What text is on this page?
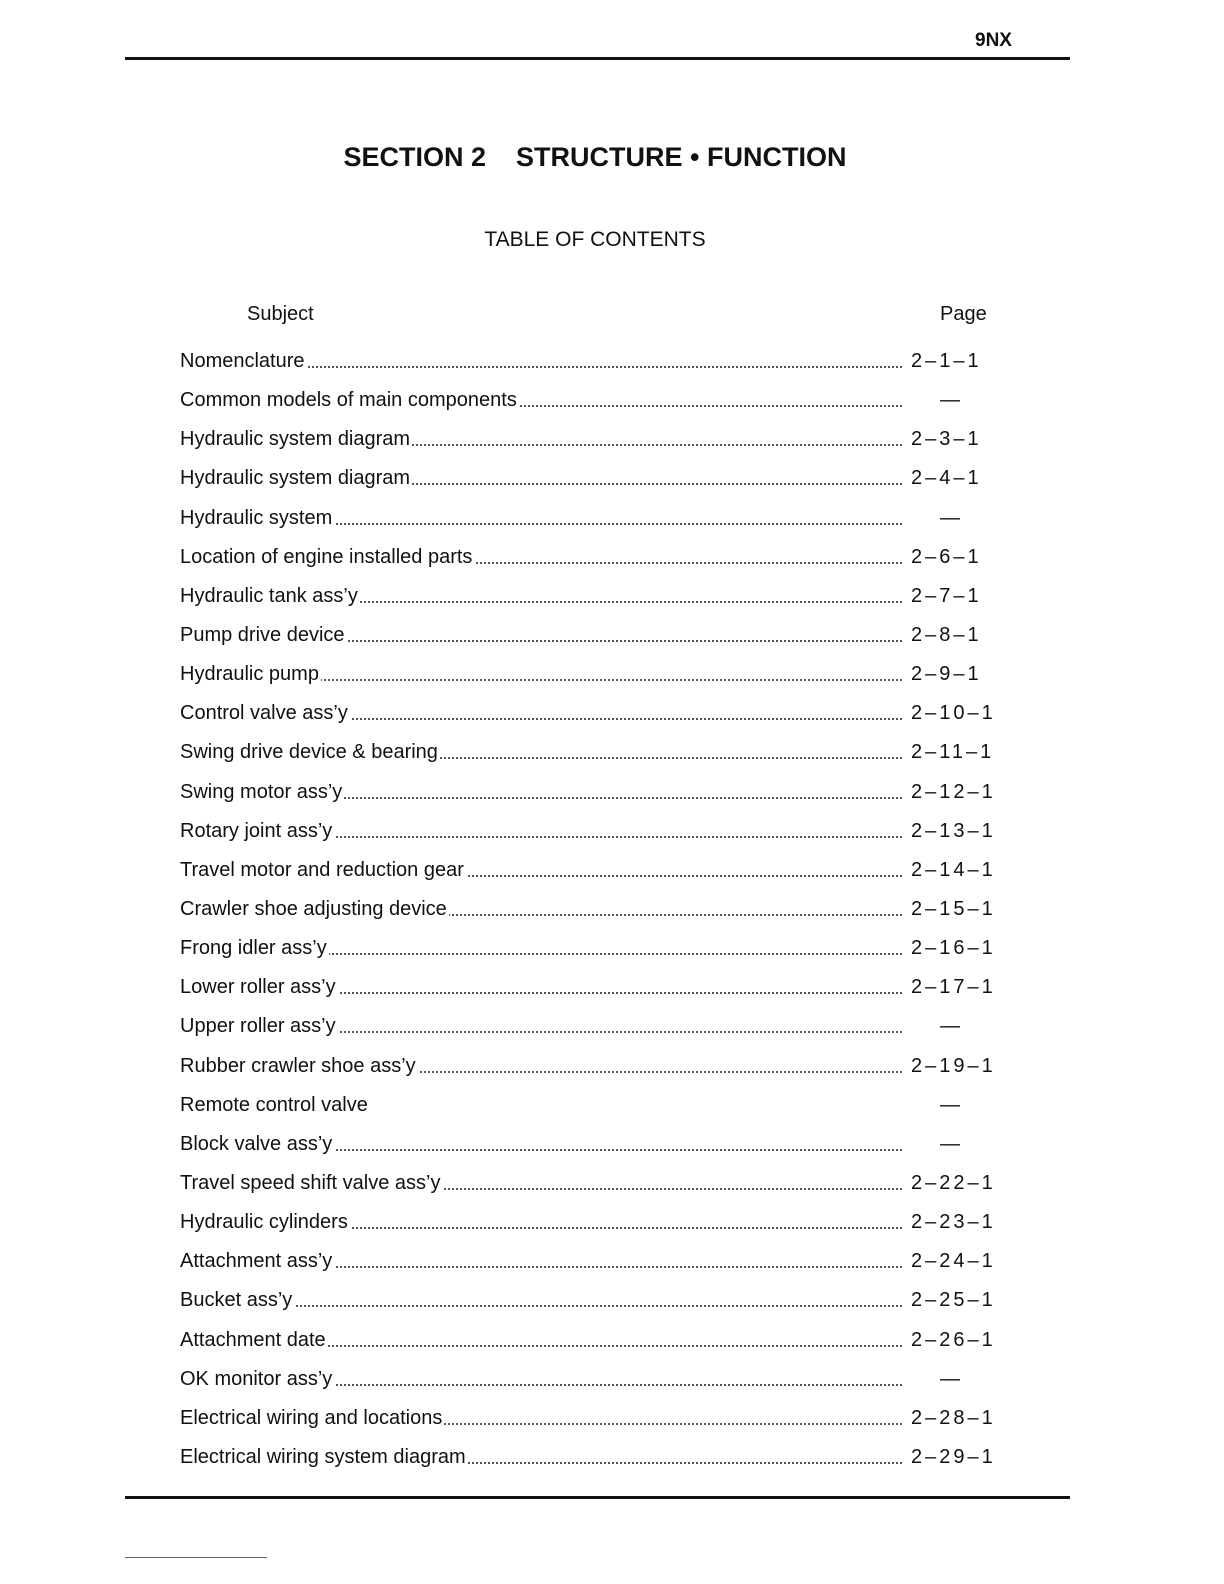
9NX
SECTION 2 STRUCTURE • FUNCTION
TABLE OF CONTENTS
Subject	Page
Nomenclature	2–1–1
Common models of main components	—
Hydraulic system diagram	2–3–1
Hydraulic system diagram	2–4–1
Hydraulic system	—
Location of engine installed parts	2–6–1
Hydraulic tank ass’y	2–7–1
Pump drive device	2–8–1
Hydraulic pump	2–9–1
Control valve ass’y	2–10–1
Swing drive device & bearing	2–11–1
Swing motor ass’y	2–12–1
Rotary joint ass’y	2–13–1
Travel motor and reduction gear	2–14–1
Crawler shoe adjusting device	2–15–1
Frong idler ass’y	2–16–1
Lower roller ass’y	2–17–1
Upper roller ass’y	—
Rubber crawler shoe ass’y	2–19–1
Remote control valve	—
Block valve ass’y	—
Travel speed shift valve ass’y	2–22–1
Hydraulic cylinders	2–23–1
Attachment ass’y	2–24–1
Bucket ass’y	2–25–1
Attachment date	2–26–1
OK monitor ass’y	—
Electrical wiring and locations	2–28–1
Electrical wiring system diagram	2–29–1
